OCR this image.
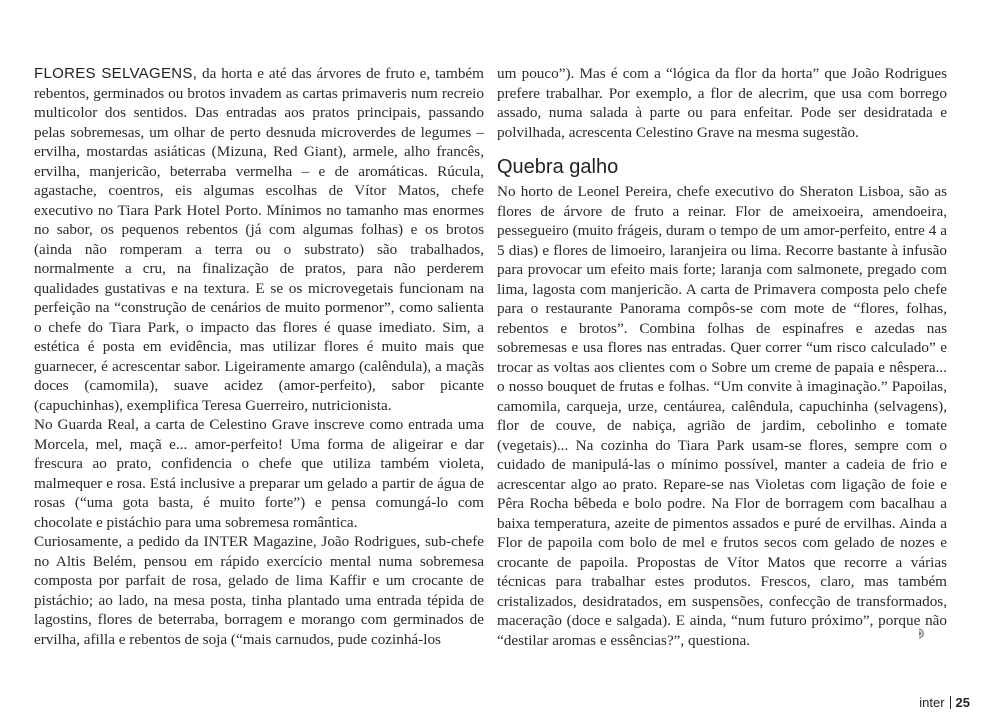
FLORES SELVAGENS, da horta e até das árvores de fruto e, também rebentos, germinados ou brotos invadem as cartas primaveris num recreio multicolor dos sentidos. Das entradas aos pratos principais, passando pelas sobremesas, um olhar de perto desnuda microverdes de legumes – ervilha, mostardas asiáticas (Mizuna, Red Giant), armele, alho francês, ervilha, manjericão, beterraba vermelha – e de aromáticas. Rúcula, agastache, coentros, eis algumas escolhas de Vítor Matos, chefe executivo no Tiara Park Hotel Porto. Mínimos no tamanho mas enormes no sabor, os pequenos rebentos (já com algumas folhas) e os brotos (ainda não romperam a terra ou o substrato) são trabalhados, normalmente a cru, na finalização de pratos, para não perderem qualidades gustativas e na textura. E se os microvegetais funcionam na perfeição na “construção de cenários de muito pormenor”, como salienta o chefe do Tiara Park, o impacto das flores é quase imediato. Sim, a estética é posta em evidência, mas utilizar flores é muito mais que guarnecer, é acrescentar sabor. Ligeiramente amargo (calêndula), a maçãs doces (camomila), suave acidez (amor-perfeito), sabor picante (capuchinhas), exemplifica Teresa Guerreiro, nutricionista.

No Guarda Real, a carta de Celestino Grave inscreve como entrada uma Morcela, mel, maçã e... amor-perfeito! Uma forma de aligeirar e dar frescura ao prato, confidencia o chefe que utiliza também violeta, malmequer e rosa. Está inclusive a preparar um gelado a partir de água de rosas (“uma gota basta, é muito forte”) e pensa comungá-lo com chocolate e pistáchio para uma sobremesa romântica.

Curiosamente, a pedido da INTER Magazine, João Rodrigues, sub-chefe no Altis Belém, pensou em rápido exercício mental numa sobremesa composta por parfait de rosa, gelado de lima Kaffir e um crocante de pistáchio; ao lado, na mesa posta, tinha plantado uma entrada tépida de lagostins, flores de beterraba, borragem e morango com germinados de ervilha, afilla e rebentos de soja (“mais carnudos, pude cozinhá-los

um pouco”). Mas é com a “lógica da flor da horta” que João Rodrigues prefere trabalhar. Por exemplo, a flor de alecrim, que usa com borrego assado, numa salada à parte ou para enfeitar. Pode ser desidratada e polvilhada, acrescenta Celestino Grave na mesma sugestão.

Quebra galho

No horto de Leonel Pereira, chefe executivo do Sheraton Lisboa, são as flores de árvore de fruto a reinar. Flor de ameixoeira, amendoeira, pessegueiro (muito frágeis, duram o tempo de um amor-perfeito, entre 4 a 5 dias) e flores de limoeiro, laranjeira ou lima. Recorre bastante à infusão para provocar um efeito mais forte; laranja com salmonete, pregado com lima, lagosta com manjericão. A carta de Primavera composta pelo chefe para o restaurante Panorama compôs-se com mote de “flores, folhas, rebentos e brotos”. Combina folhas de espinafres e azedas nas sobremesas e usa flores nas entradas. Quer correr “um risco calculado” e trocar as voltas aos clientes com o Sobre um creme de papaia e nêspera... o nosso bouquet de frutas e folhas. “Um convite à imaginação.” Papoilas, camomila, carqueja, urze, centáurea, calêndula, capuchinha (selvagens), flor de couve, de nabiça, agrião de jardim, cebolinho e tomate (vegetais)... Na cozinha do Tiara Park usam-se flores, sempre com o cuidado de manipulá-las o mínimo possível, manter a cadeia de frio e acrescentar algo ao prato. Repare-se nas Violetas com ligação de foie e Pêra Rocha bêbeda e bolo podre. Na Flor de borragem com bacalhau a baixa temperatura, azeite de pimentos assados e puré de ervilhas. Ainda a Flor de papoila com bolo de mel e frutos secos com gelado de nozes e crocante de papoila. Propostas de Vítor Matos que recorre a várias técnicas para trabalhar estes produtos. Frescos, claro, mas também cristalizados, desidratados, em suspensões, confecção de transformados, maceração (doce e salgada). E ainda, “num futuro próximo”, porque não “destilar aromas e essências?”, questiona.

inter 25
